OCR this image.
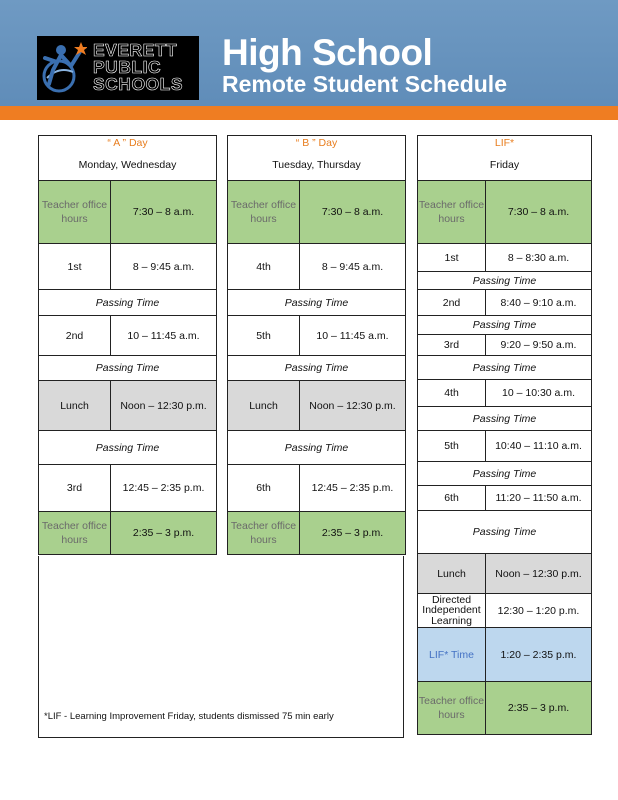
EVERETT
PUBLIC
SCHOOLS
High School
Remote Student Schedule
“ A ” Day
Monday, Wednesday	

Teacher office hours	7:30 – 8 a.m.
1st	8 – 9:45 a.m.
Passing Time	
2nd	10 – 11:45 a.m.
Passing Time	
Lunch	Noon – 12:30 p.m.
Passing Time	
3rd	12:45 – 2:35 p.m.
Teacher office hours	2:35 – 3 p.m.
“ B ” Day
Tuesday, Thursday	

Teacher office hours	7:30 – 8 a.m.
4th	8 – 9:45 a.m.
Passing Time	
5th	10 – 11:45 a.m.
Passing Time	
Lunch	Noon – 12:30 p.m.
Passing Time	
6th	12:45 – 2:35 p.m.
Teacher office hours	2:35 – 3 p.m.
*LIF - Learning Improvement Friday, students dismissed 75 min early
LIF*
Friday	

Teacher office hours	7:30 – 8 a.m.
1st	8 – 8:30 a.m.
Passing Time	
2nd	8:40 – 9:10 a.m.
Passing Time	
3rd	9:20 – 9:50 a.m.
Passing Time	
4th	10 – 10:30 a.m.
Passing Time	
5th	10:40 – 11:10 a.m.
Passing Time	
6th	11:20 – 11:50 a.m.
Passing Time	
Lunch	Noon – 12:30 p.m.
Directed Independent Learning	12:30 – 1:20 p.m.
LIF* Time	1:20 – 2:35 p.m.
Teacher office hours	2:35 – 3 p.m.
